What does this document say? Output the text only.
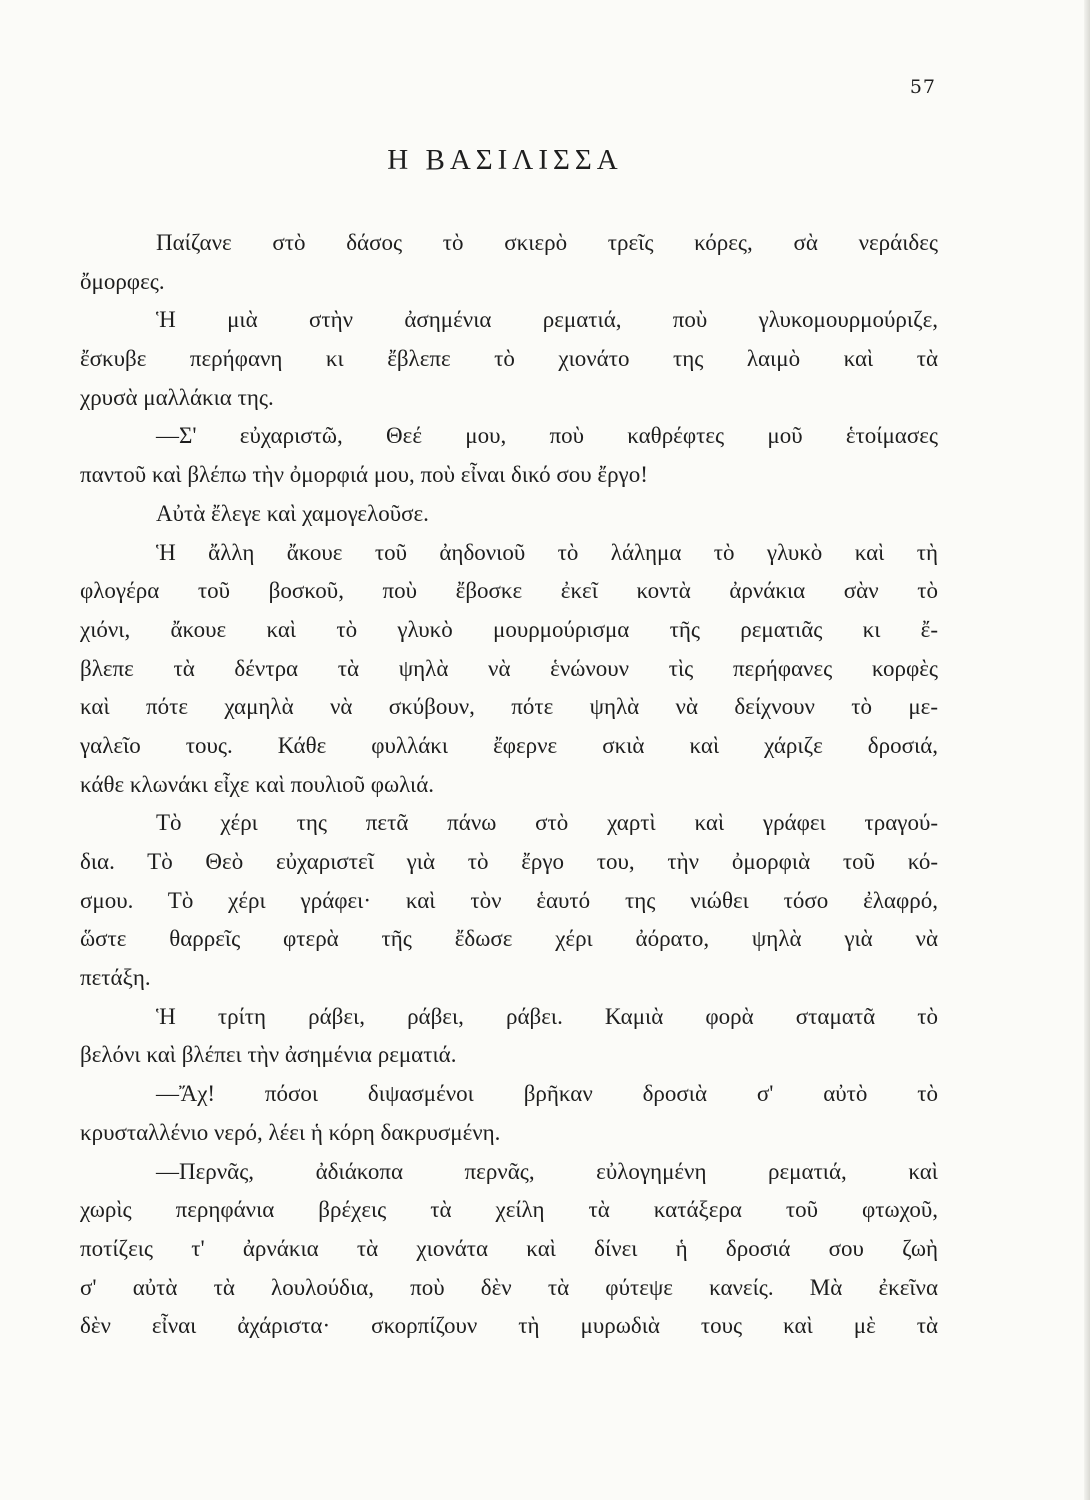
57
Η ΒΑΣΙΛΙΣΣΑ
Παίζανε στὸ δάσος τὸ σκιερὸ τρεῖς κόρες, σὰ νεράιδες
ὄμορφες.
Ἡ μιὰ στὴν ἀσημένια ρεματιά, ποὺ γλυκομουρμούριζε,
ἔσκυβε περήφανη κι ἔβλεπε τὸ χιονάτο της λαιμὸ καὶ τὰ
χρυσὰ μαλλάκια της.
—Σ' εὐχαριστῶ, Θεέ μου, ποὺ καθρέφτες μοῦ ἑτοίμασες
παντοῦ καὶ βλέπω τὴν ὀμορφιά μου, ποὺ εἶναι δικό σου ἔργο!
Αὐτὰ ἔλεγε καὶ χαμογελοῦσε.
Ἡ ἄλλη ἄκουε τοῦ ἀηδονιοῦ τὸ λάλημα τὸ γλυκὸ καὶ τὴ
φλογέρα τοῦ βοσκοῦ, ποὺ ἔβοσκε ἐκεῖ κοντὰ ἀρνάκια σὰν τὸ
χιόνι, ἄκουε καὶ τὸ γλυκὸ μουρμούρισμα τῆς ρεματιᾶς κι ἔ-
βλεπε τὰ δέντρα τὰ ψηλὰ νὰ ἑνώνουν τὶς περήφανες κορφὲς
καὶ πότε χαμηλὰ νὰ σκύβουν, πότε ψηλὰ νὰ δείχνουν τὸ με-
γαλεῖο τους. Κάθε φυλλάκι ἔφερνε σκιὰ καὶ χάριζε δροσιά,
κάθε κλωνάκι εἶχε καὶ πουλιοῦ φωλιά.
Τὸ χέρι της πετᾶ πάνω στὸ χαρτὶ καὶ γράφει τραγού-
δια. Τὸ Θεὸ εὐχαριστεῖ γιὰ τὸ ἔργο του, τὴν ὀμορφιὰ τοῦ κό-
σμου. Τὸ χέρι γράφει· καὶ τὸν ἑαυτό της νιώθει τόσο ἐλαφρό,
ὥστε θαρρεῖς φτερὰ τῆς ἔδωσε χέρι ἀόρατο, ψηλὰ γιὰ νὰ
πετάξη.
Ἡ τρίτη ράβει, ράβει, ράβει. Καμιὰ φορὰ σταματᾶ τὸ
βελόνι καὶ βλέπει τὴν ἀσημένια ρεματιά.
—Ἄχ! πόσοι διψασμένοι βρῆκαν δροσιὰ σ' αὐτὸ τὸ
κρυσταλλένιο νερό, λέει ἡ κόρη δακρυσμένη.
—Περνᾶς, ἀδιάκοπα περνᾶς, εὐλογημένη ρεματιά, καὶ
χωρὶς περηφάνια βρέχεις τὰ χείλη τὰ κατάξερα τοῦ φτωχοῦ,
ποτίζεις τ' ἀρνάκια τὰ χιονάτα καὶ δίνει ἡ δροσιά σου ζωὴ
σ' αὐτὰ τὰ λουλούδια, ποὺ δὲν τὰ φύτεψε κανείς. Μὰ ἐκεῖνα
δὲν εἶναι ἀχάριστα· σκορπίζουν τὴ μυρωδιὰ τους καὶ μὲ τὰ
